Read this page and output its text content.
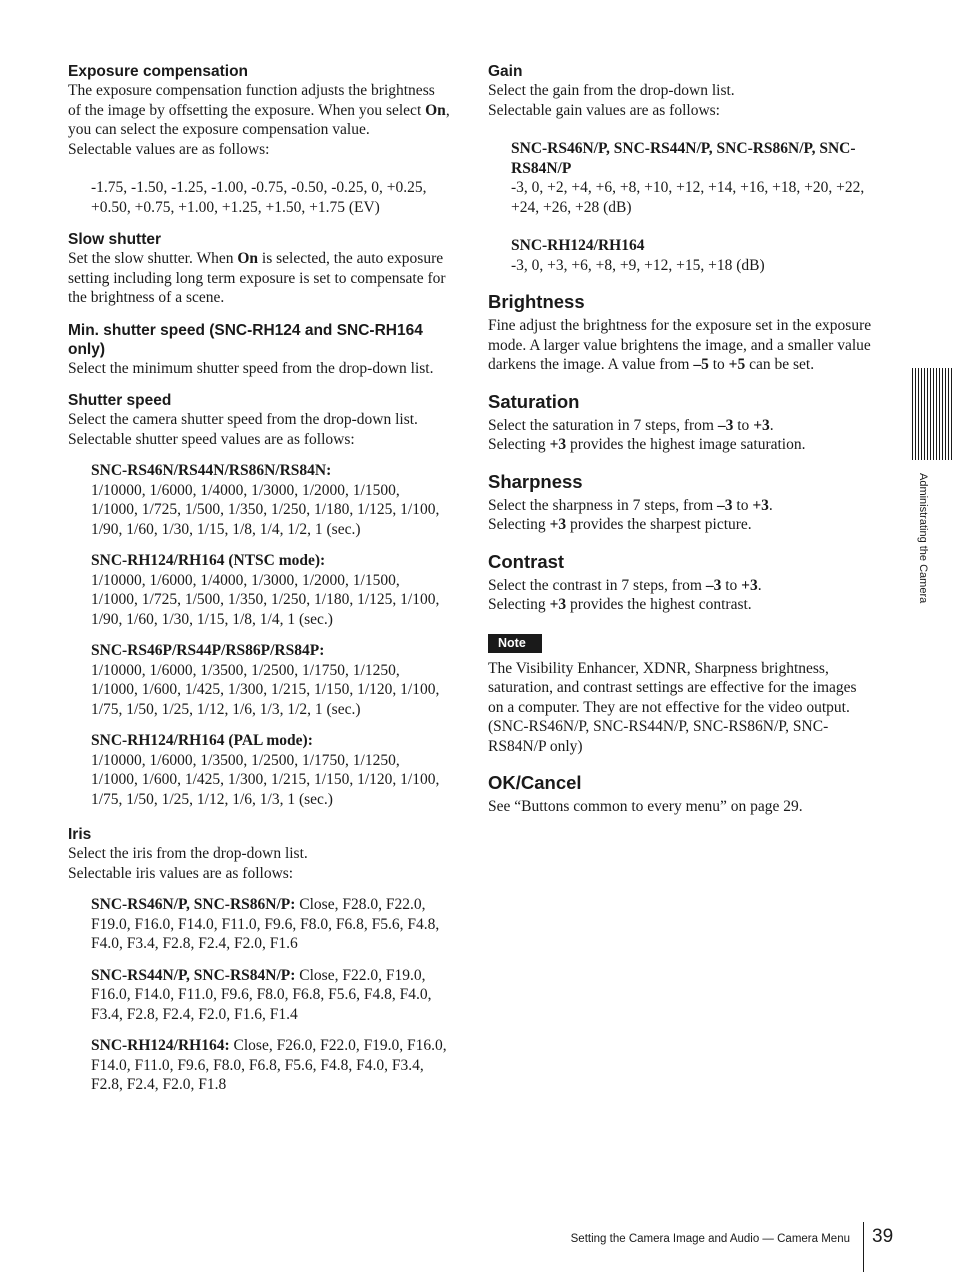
Exposure compensation

The exposure compensation function adjusts the brightness of the image by offsetting the exposure. When you select On, you can select the exposure compensation value.

Selectable values are as follows:

-1.75, -1.50, -1.25, -1.00, -0.75, -0.50, -0.25, 0, +0.25, +0.50, +0.75, +1.00, +1.25, +1.50, +1.75 (EV)

Slow shutter

Set the slow shutter. When On is selected, the auto exposure setting including long term exposure is set to compensate for the brightness of a scene.

Min. shutter speed (SNC-RH124 and SNC-RH164 only)

Select the minimum shutter speed from the drop-down list.

Shutter speed

Select the camera shutter speed from the drop-down list.

Selectable shutter speed values are as follows:

SNC-RS46N/RS44N/RS86N/RS84N:

1/10000, 1/6000, 1/4000, 1/3000, 1/2000, 1/1500, 1/1000, 1/725, 1/500, 1/350, 1/250, 1/180, 1/125, 1/100, 1/90, 1/60, 1/30, 1/15, 1/8, 1/4, 1/2, 1 (sec.)

SNC-RH124/RH164 (NTSC mode):

1/10000, 1/6000, 1/4000, 1/3000, 1/2000, 1/1500, 1/1000, 1/725, 1/500, 1/350, 1/250, 1/180, 1/125, 1/100, 1/90, 1/60, 1/30, 1/15, 1/8, 1/4, 1 (sec.)

SNC-RS46P/RS44P/RS86P/RS84P:

1/10000, 1/6000, 1/3500, 1/2500, 1/1750, 1/1250, 1/1000, 1/600, 1/425, 1/300, 1/215, 1/150, 1/120, 1/100, 1/75, 1/50, 1/25, 1/12, 1/6, 1/3, 1/2, 1 (sec.)

SNC-RH124/RH164 (PAL mode):

1/10000, 1/6000, 1/3500, 1/2500, 1/1750, 1/1250, 1/1000, 1/600, 1/425, 1/300, 1/215, 1/150, 1/120, 1/100, 1/75, 1/50, 1/25, 1/12, 1/6, 1/3, 1 (sec.)

Iris

Select the iris from the drop-down list.

Selectable iris values are as follows:

SNC-RS46N/P, SNC-RS86N/P: Close, F28.0, F22.0, F19.0, F16.0, F14.0, F11.0, F9.6, F8.0, F6.8, F5.6, F4.8, F4.0, F3.4, F2.8, F2.4, F2.0, F1.6

SNC-RS44N/P, SNC-RS84N/P: Close, F22.0, F19.0, F16.0, F14.0, F11.0, F9.6, F8.0, F6.8, F5.6, F4.8, F4.0, F3.4, F2.8, F2.4, F2.0, F1.6, F1.4

SNC-RH124/RH164: Close, F26.0, F22.0, F19.0, F16.0, F14.0, F11.0, F9.6, F8.0, F6.8, F5.6, F4.8, F4.0, F3.4, F2.8, F2.4, F2.0, F1.8

Gain

Select the gain from the drop-down list.

Selectable gain values are as follows:

SNC-RS46N/P, SNC-RS44N/P, SNC-RS86N/P, SNC-RS84N/P

-3, 0, +2, +4, +6, +8, +10, +12, +14, +16, +18, +20, +22, +24, +26, +28 (dB)

SNC-RH124/RH164

-3, 0, +3, +6, +8, +9, +12, +15, +18 (dB)

Brightness

Fine adjust the brightness for the exposure set in the exposure mode. A larger value brightens the image, and a smaller value darkens the image. A value from –5 to +5 can be set.

Saturation

Select the saturation in 7 steps, from –3 to +3.

Selecting +3 provides the highest image saturation.

Sharpness

Select the sharpness in 7 steps, from –3 to +3.

Selecting +3 provides the sharpest picture.

Contrast

Select the contrast in 7 steps, from –3 to +3.

Selecting +3 provides the highest contrast.

Note

The Visibility Enhancer, XDNR, Sharpness brightness, saturation, and contrast settings are effective for the images on a computer. They are not effective for the video output. (SNC-RS46N/P, SNC-RS44N/P, SNC-RS86N/P, SNC-RS84N/P only)

OK/Cancel

See “Buttons common to every menu” on page 29.

Administrating the Camera
Setting the Camera Image and Audio — Camera Menu 39
